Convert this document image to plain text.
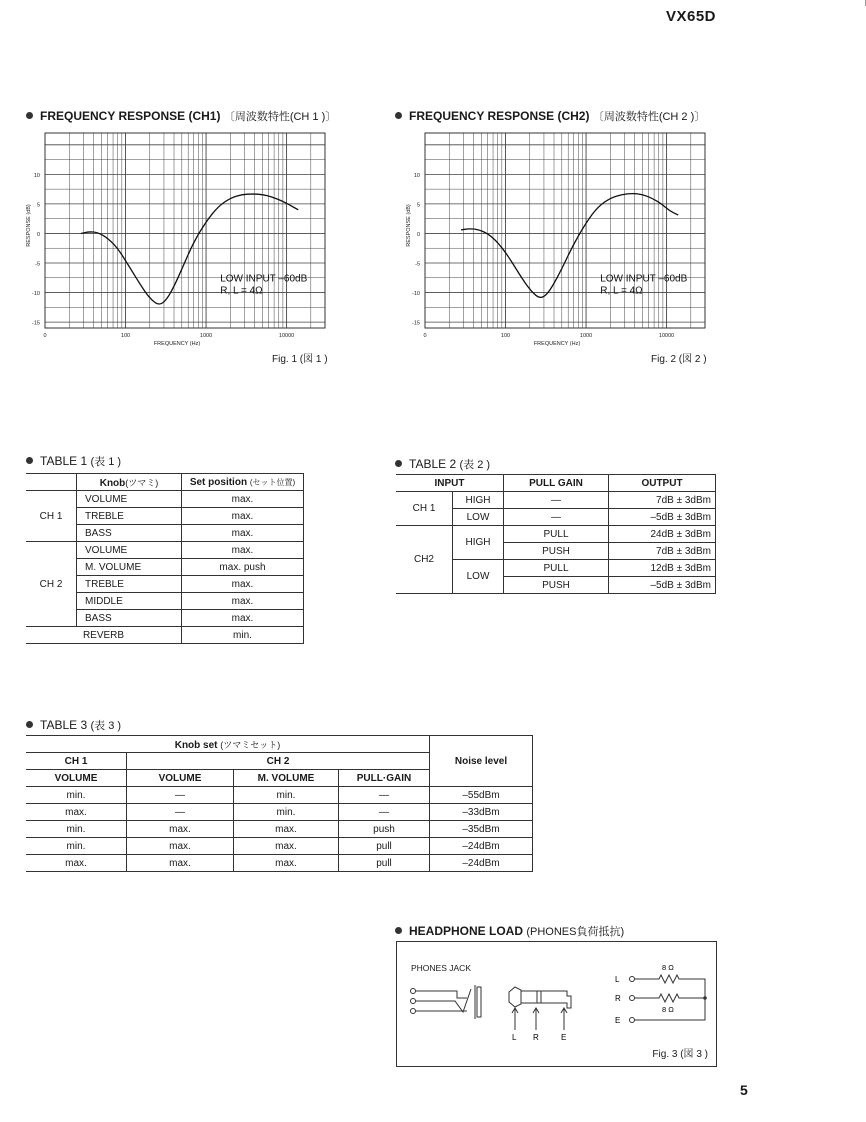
VX65D
FREQUENCY RESPONSE (CH1) 〔周波数特性(CH 1 )〕
10
5
0
-5
-10
-15
0	100	1000	10000
FREQUENCY (Hz)
RESPONSE (dB)
LOW INPUT –60dB
R, L = 4Ω
Fig. 1 (図 1 )
FREQUENCY RESPONSE (CH2) 〔周波数特性(CH 2 )〕
10
5
0
-5
-10
-15
0	100	1000	10000
FREQUENCY (Hz)
RESPONSE (dB)
LOW INPUT –60dB
R, L = 4Ω
Fig. 2 (図 2 )
TABLE 1 (表 1 )
	Knob(ツマミ)	Set position (セット位置)
CH 1	VOLUME	max.
	TREBLE	max.
	BASS	max.
CH 2	VOLUME	max.
	M. VOLUME	max. push
	TREBLE	max.
	MIDDLE	max.
	BASS	max.
REVERB		min.
TABLE 2 (表 2 )
INPUT		PULL GAIN	OUTPUT
CH 1	HIGH	—	7dB ± 3dBm
	LOW	—	–5dB ± 3dBm
CH2	HIGH	PULL	24dB ± 3dBm
		PUSH	7dB ± 3dBm
	LOW	PULL	12dB ± 3dBm
		PUSH	–5dB ± 3dBm
TABLE 3 (表 3 )
Knob set (ツマミセット)				Noise level
CH 1	CH 2			
VOLUME	VOLUME	M. VOLUME	PULL·GAIN	
min.	—	min.	—	–55dBm
max.	—	min.	—	–33dBm
min.	max.	max.	push	–35dBm
min.	max.	max.	pull	–24dBm
max.	max.	max.	pull	–24dBm
HEADPHONE LOAD (PHONES負荷抵抗)
PHONES JACK
L
R
E
8 Ω
8 Ω
L R	E
Fig. 3 (図 3 )
5
